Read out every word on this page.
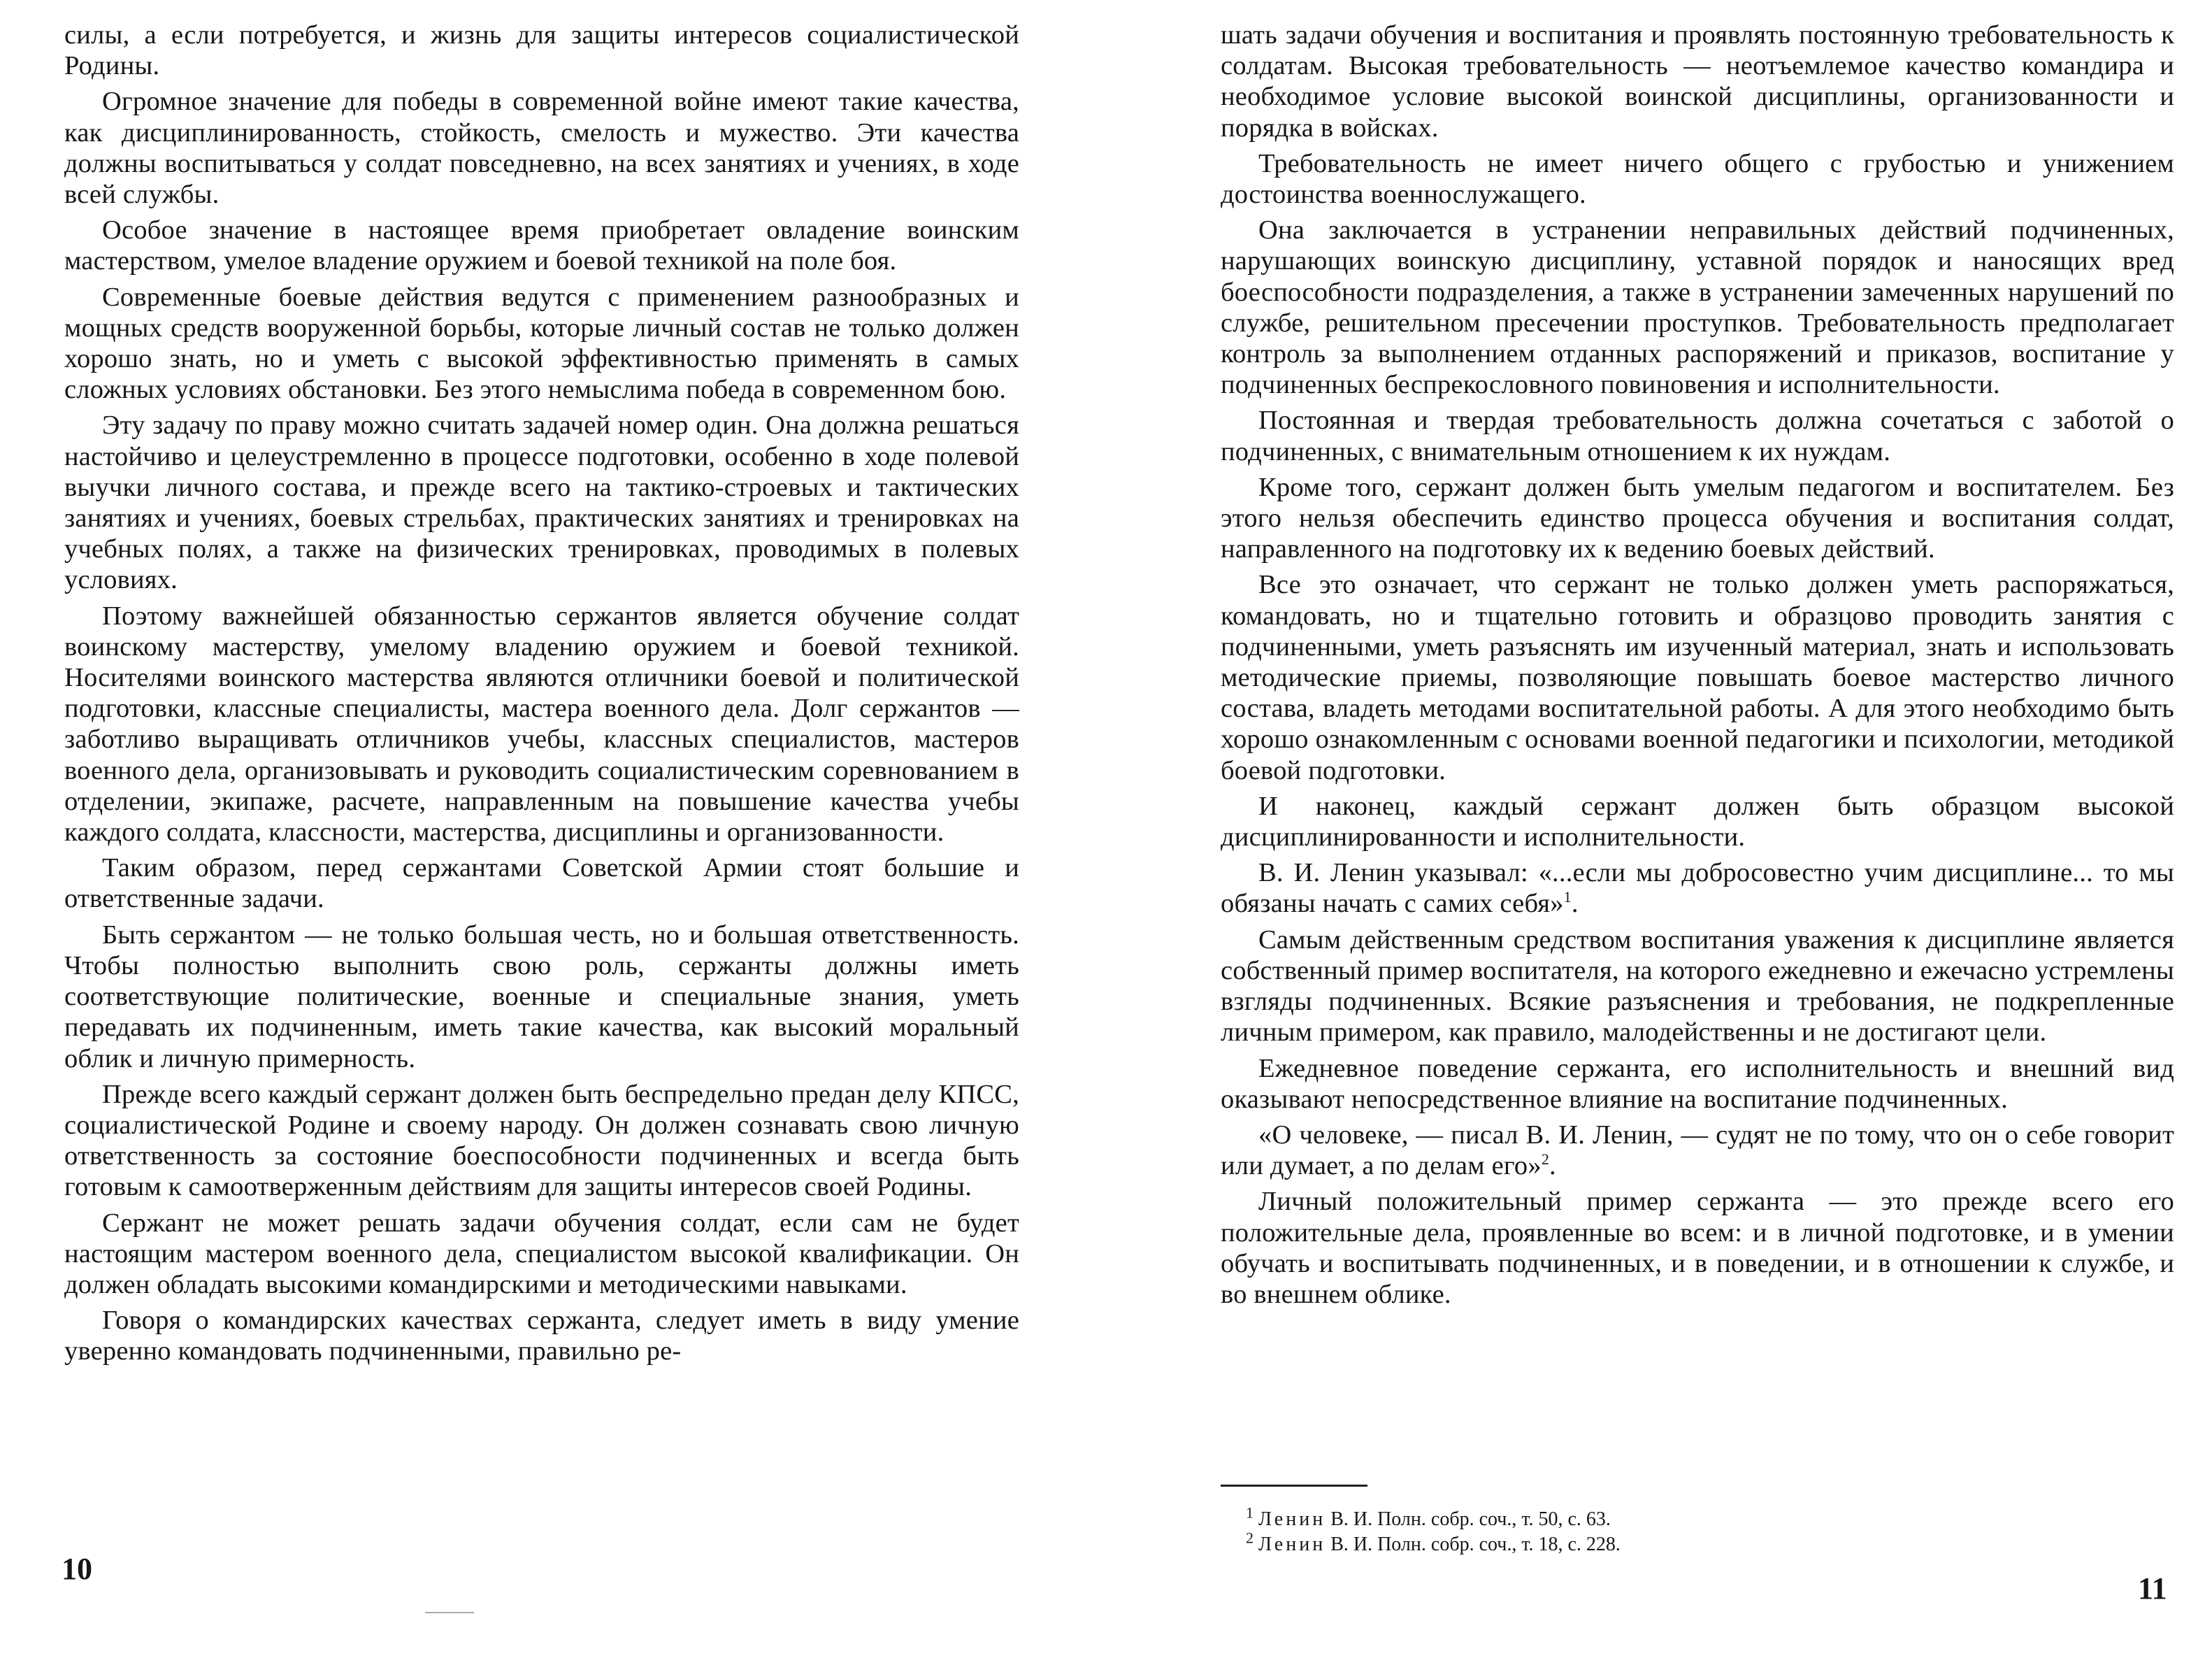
силы, а если потребуется, и жизнь для защиты интересов социалистической Родины.

Огромное значение для победы в современной войне имеют такие качества, как дисциплинированность, стойкость, смелость и мужество. Эти качества должны воспитываться у солдат повседневно, на всех занятиях и учениях, в ходе всей службы.

Особое значение в настоящее время приобретает овладение воинским мастерством, умелое владение оружием и боевой техникой на поле боя.

Современные боевые действия ведутся с применением разнообразных и мощных средств вооруженной борьбы, которые личный состав не только должен хорошо знать, но и уметь с высокой эффективностью применять в самых сложных условиях обстановки. Без этого немыслима победа в современном бою.

Эту задачу по праву можно считать задачей номер один. Она должна решаться настойчиво и целеустремленно в процессе подготовки, особенно в ходе полевой выучки личного состава, и прежде всего на тактико-строевых и тактических занятиях и учениях, боевых стрельбах, практических занятиях и тренировках на учебных полях, а также на физических тренировках, проводимых в полевых условиях.

Поэтому важнейшей обязанностью сержантов является обучение солдат воинскому мастерству, умелому владению оружием и боевой техникой. Носителями воинского мастерства являются отличники боевой и политической подготовки, классные специалисты, мастера военного дела. Долг сержантов — заботливо выращивать отличников учебы, классных специалистов, мастеров военного дела, организовывать и руководить социалистическим соревнованием в отделении, экипаже, расчете, направленным на повышение качества учебы каждого солдата, классности, мастерства, дисциплины и организованности.

Таким образом, перед сержантами Советской Армии стоят большие и ответственные задачи.

Быть сержантом — не только большая честь, но и большая ответственность. Чтобы полностью выполнить свою роль, сержанты должны иметь соответствующие политические, военные и специальные знания, уметь передавать их подчиненным, иметь такие качества, как высокий моральный облик и личную примерность.

Прежде всего каждый сержант должен быть беспредельно предан делу КПСС, социалистической Родине и своему народу. Он должен сознавать свою личную ответственность за состояние боеспособности подчиненных и всегда быть готовым к самоотверженным действиям для защиты интересов своей Родины.

Сержант не может решать задачи обучения солдат, если сам не будет настоящим мастером военного дела, специалистом высокой квалификации. Он должен обладать высокими командирскими и методическими навыками.

Говоря о командирских качествах сержанта, следует иметь в виду умение уверенно командовать подчиненными, правильно ре-

10

шать задачи обучения и воспитания и проявлять постоянную требовательность к солдатам. Высокая требовательность — неотъемлемое качество командира и необходимое условие высокой воинской дисциплины, организованности и порядка в войсках.

Требовательность не имеет ничего общего с грубостью и унижением достоинства военнослужащего.

Она заключается в устранении неправильных действий подчиненных, нарушающих воинскую дисциплину, уставной порядок и наносящих вред боеспособности подразделения, а также в устранении замеченных нарушений по службе, решительном пресечении проступков. Требовательность предполагает контроль за выполнением отданных распоряжений и приказов, воспитание у подчиненных беспрекословного повиновения и исполнительности.

Постоянная и твердая требовательность должна сочетаться с заботой о подчиненных, с внимательным отношением к их нуждам.

Кроме того, сержант должен быть умелым педагогом и воспитателем. Без этого нельзя обеспечить единство процесса обучения и воспитания солдат, направленного на подготовку их к ведению боевых действий.

Все это означает, что сержант не только должен уметь распоряжаться, командовать, но и тщательно готовить и образцово проводить занятия с подчиненными, уметь разъяснять им изученный материал, знать и использовать методические приемы, позволяющие повышать боевое мастерство личного состава, владеть методами воспитательной работы. А для этого необходимо быть хорошо ознакомленным с основами военной педагогики и психологии, методикой боевой подготовки.

И наконец, каждый сержант должен быть образцом высокой дисциплинированности и исполнительности.

В. И. Ленин указывал: «...если мы добросовестно учим дисциплине... то мы обязаны начать с самих себя»$^1$.

Самым действенным средством воспитания уважения к дисциплине является собственный пример воспитателя, на которого ежедневно и ежечасно устремлены взгляды подчиненных. Всякие разъяснения и требования, не подкрепленные личным примером, как правило, малодейственны и не достигают цели.

Ежедневное поведение сержанта, его исполнительность и внешний вид оказывают непосредственное влияние на воспитание подчиненных.

«О человеке, — писал В. И. Ленин, — судят не по тому, что он о себе говорит или думает, а по делам его»$^2$.

Личный положительный пример сержанта — это прежде всего его положительные дела, проявленные во всем: и в личной подготовке, и в умении обучать и воспитывать подчиненных, и в поведении, и в отношении к службе, и во внешнем облике.

$^1$ Ленин В. И. Полн. собр. соч., т. 50, с. 63.

$^2$ Ленин В. И. Полн. собр. соч., т. 18, с. 228.

11
